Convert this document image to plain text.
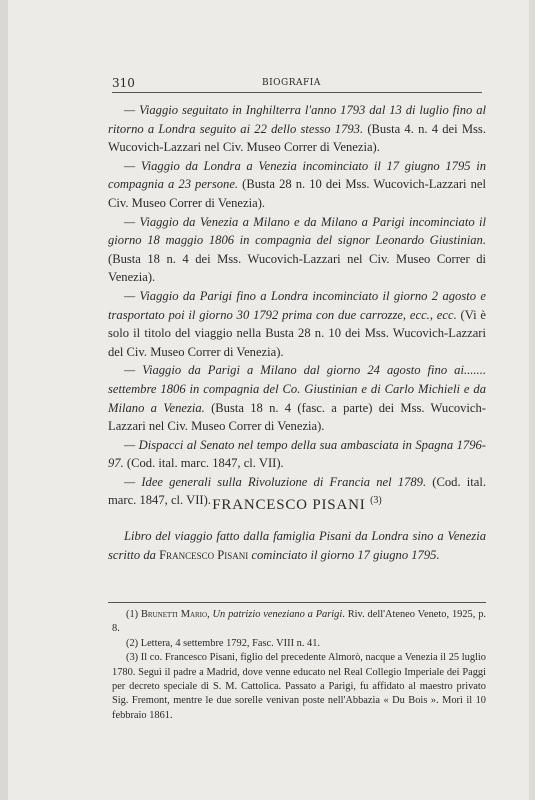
310	BIOGRAFIA

— Viaggio seguitato in Inghilterra l'anno 1793 dal 13 di luglio fino al ritorno a Londra seguito ai 22 dello stesso 1793. (Busta 4. n. 4 dei Mss. Wucovich-Lazzari nel Civ. Museo Correr di Venezia).

— Viaggio da Londra a Venezia incominciato il 17 giugno 1795 in compagnia a 23 persone. (Busta 28 n. 10 dei Mss. Wucovich-Lazzari nel Civ. Museo Correr di Venezia).

— Viaggio da Venezia a Milano e da Milano a Parigi incominciato il giorno 18 maggio 1806 in compagnia del signor Leonardo Giustinian. (Busta 18 n. 4 dei Mss. Wucovich-Lazzari nel Civ. Museo Correr di Venezia).

— Viaggio da Parigi fino a Londra incominciato il giorno 2 agosto e trasportato poi il giorno 30 1792 prima con due carrozze, ecc., ecc. (Vi è solo il titolo del viaggio nella Busta 28 n. 10 dei Mss. Wucovich-Lazzari del Civ. Museo Correr di Venezia).

— Viaggio da Parigi a Milano dal giorno 24 agosto fino ai....... settembre 1806 in compagnia del Co. Giustinian e di Carlo Michieli e da Milano a Venezia. (Busta 18 n. 4 (fasc. a parte) dei Mss. Wucovich-Lazzari nel Civ. Museo Correr di Venezia).

— Dispacci al Senato nel tempo della sua ambasciata in Spagna 1796-97. (Cod. ital. marc. 1847, cl. VII).

— Idee generali sulla Rivoluzione di Francia nel 1789. (Cod. ital. marc. 1847, cl. VII). FRANCESCO PISANI $^{(3)}$

Libro del viaggio fatto dalla famiglia Pisani da Londra sino a Venezia scritto da Francesco Pisani cominciato il giorno 17 giugno 1795.

(1) Brunetti Mario, Un patrizio veneziano a Parigi. Riv. dell'Ateneo Veneto, 1925, p. 8.

(2) Lettera, 4 settembre 1792, Fasc. VIII n. 41.

(3) Il co. Francesco Pisani, figlio del precedente Almorò, nacque a Venezia il 25 luglio 1780. Seguì il padre a Madrid, dove venne educato nel Real Collegio Imperiale dei Paggi per decreto speciale di S. M. Cattolica. Passato a Parigi, fu affidato al maestro privato Sig. Fremont, mentre le due sorelle venivan poste nell'Abbazia « Du Bois ». Morì il 10 febbraio 1861.
